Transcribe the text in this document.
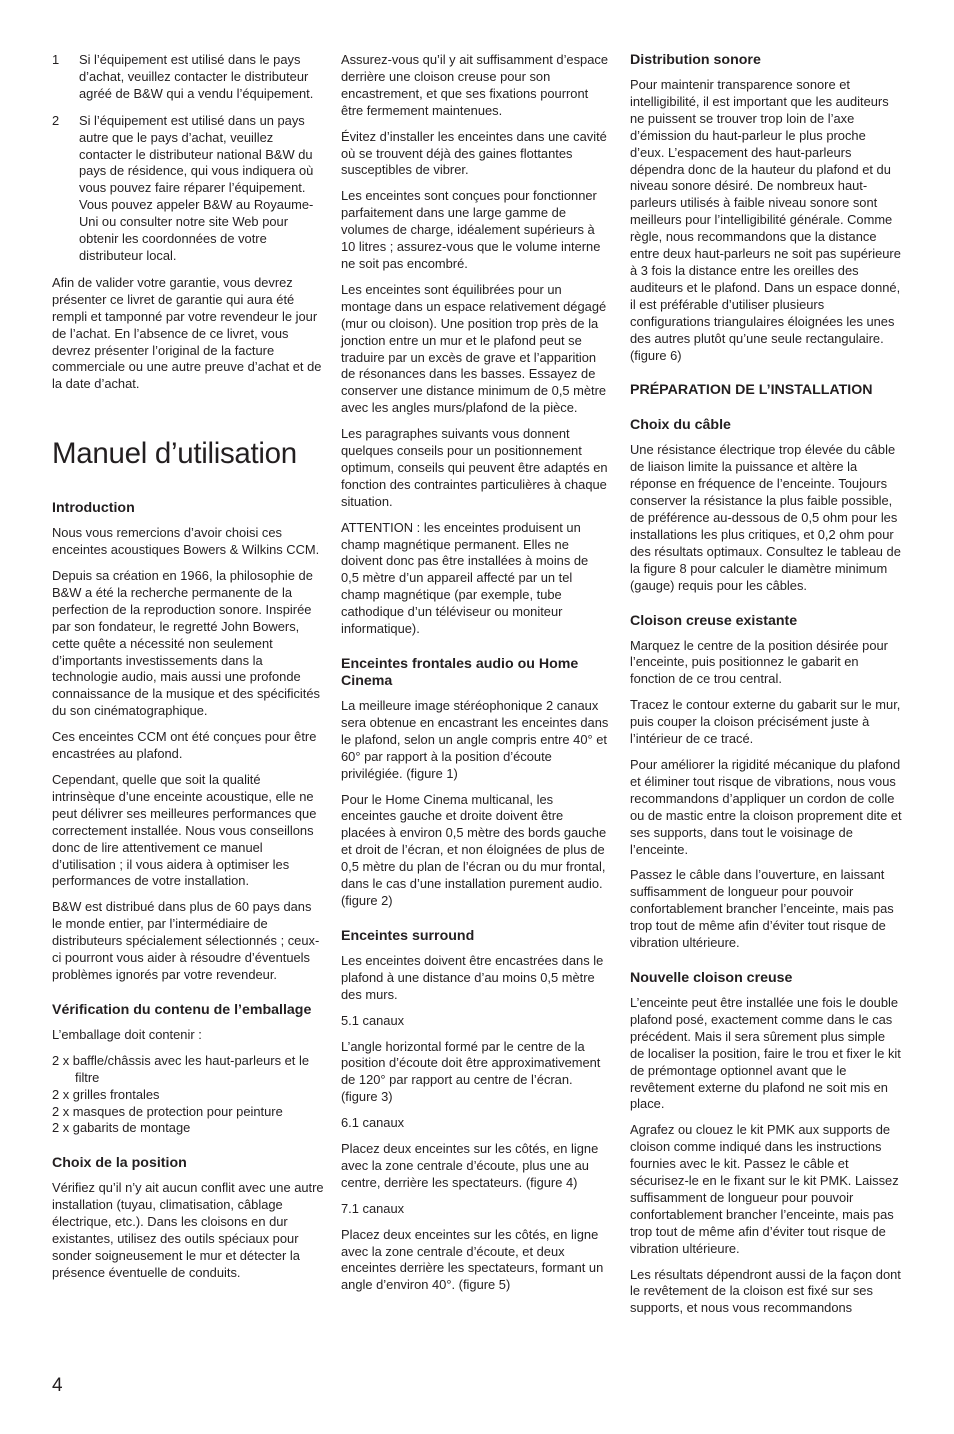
1	Si l’équipement est utilisé dans le pays d’achat, veuillez contacter le distributeur agréé de B&W qui a vendu l’équipement.

2	Si l’équipement est utilisé dans un pays autre que le pays d’achat, veuillez contacter le distributeur national B&W du pays de résidence, qui vous indiquera où vous pouvez faire réparer l’équipement. Vous pouvez appeler B&W au Royaume-Uni ou consulter notre site Web pour obtenir les coordonnées de votre distributeur local.

Afin de valider votre garantie, vous devrez présenter ce livret de garantie qui aura été rempli et tamponné par votre revendeur le jour de l’achat. En l’absence de ce livret, vous devrez présenter l’original de la facture commerciale ou une autre preuve d’achat et de la date d’achat.

Manuel d’utilisation
Introduction

Nous vous remercions d’avoir choisi ces enceintes acoustiques Bowers & Wilkins CCM.

Depuis sa création en 1966, la philosophie de B&W a été la recherche permanente de la perfection de la reproduction sonore. Inspirée par son fondateur, le regretté John Bowers, cette quête a nécessité non seulement d’importants investissements dans la technologie audio, mais aussi une profonde connaissance de la musique et des spécificités du son cinématographique.

Ces enceintes CCM ont été conçues pour être encastrées au plafond.

Cependant, quelle que soit la qualité intrinsèque d’une enceinte acoustique, elle ne peut délivrer ses meilleures performances que correctement installée. Nous vous conseillons donc de lire attentivement ce manuel d’utilisation ; il vous aidera à optimiser les performances de votre installation.

B&W est distribué dans plus de 60 pays dans le monde entier, par l’intermédiaire de distributeurs spécialement sélectionnés ; ceux-ci pourront vous aider à résoudre d’éventuels problèmes ignorés par votre revendeur.

Vérification du contenu de l’emballage

L’emballage doit contenir :

2 x baffle/châssis avec les haut-parleurs et le filtre

2 x grilles frontales

2 x masques de protection pour peinture

2 x gabarits de montage

Choix de la position

Vérifiez qu’il n’y ait aucun conflit avec une autre installation (tuyau, climatisation, câblage électrique, etc.). Dans les cloisons en dur existantes, utilisez des outils spéciaux pour sonder soigneusement le mur et détecter la présence éventuelle de conduits.

Assurez-vous qu’il y ait suffisamment d’espace derrière une cloison creuse pour son encastrement, et que ses fixations pourront être fermement maintenues.

Évitez d’installer les enceintes dans une cavité où se trouvent déjà des gaines flottantes susceptibles de vibrer.

Les enceintes sont conçues pour fonctionner parfaitement dans une large gamme de volumes de charge, idéalement supérieurs à 10 litres ; assurez-vous que le volume interne ne soit pas encombré.

Les enceintes sont équilibrées pour un montage dans un espace relativement dégagé (mur ou cloison). Une position trop près de la jonction entre un mur et le plafond peut se traduire par un excès de grave et l’apparition de résonances dans les basses. Essayez de conserver une distance minimum de 0,5 mètre avec les angles murs/plafond de la pièce.

Les paragraphes suivants vous donnent quelques conseils pour un positionnement optimum, conseils qui peuvent être adaptés en fonction des contraintes particulières à chaque situation.

ATTENTION : les enceintes produisent un champ magnétique permanent. Elles ne doivent donc pas être installées à moins de 0,5 mètre d’un appareil affecté par un tel champ magnétique (par exemple, tube cathodique d’un téléviseur ou moniteur informatique).

Enceintes frontales audio ou Home Cinema

La meilleure image stéréophonique 2 canaux sera obtenue en encastrant les enceintes dans le plafond, selon un angle compris entre 40° et 60° par rapport à la position d’écoute privilégiée. (figure 1)

Pour le Home Cinema multicanal, les enceintes gauche et droite doivent être placées à environ 0,5 mètre des bords gauche et droit de l’écran, et non éloignées de plus de 0,5 mètre du plan de l’écran ou du mur frontal, dans le cas d’une installation purement audio. (figure 2)

Enceintes surround

Les enceintes doivent être encastrées dans le plafond à une distance d’au moins 0,5 mètre des murs.

5.1 canaux

L’angle horizontal formé par le centre de la position d’écoute doit être approximativement de 120° par rapport au centre de l’écran. (figure 3)

6.1 canaux

Placez deux enceintes sur les côtés, en ligne avec la zone centrale d’écoute, plus une au centre, derrière les spectateurs. (figure 4)

7.1 canaux

Placez deux enceintes sur les côtés, en ligne avec la zone centrale d’écoute, et deux enceintes derrière les spectateurs, formant un angle d’environ 40°. (figure 5)

Distribution sonore

Pour maintenir transparence sonore et intelligibilité, il est important que les auditeurs ne puissent se trouver trop loin de l’axe d’émission du haut-parleur le plus proche d’eux. L’espacement des haut-parleurs dépendra donc de la hauteur du plafond et du niveau sonore désiré. De nombreux haut-parleurs utilisés à faible niveau sonore sont meilleurs pour l’intelligibilité générale. Comme règle, nous recommandons que la distance entre deux haut-parleurs ne soit pas supérieure à 3 fois la distance entre les oreilles des auditeurs et le plafond. Dans un espace donné, il est préférable d’utiliser plusieurs configurations triangulaires éloignées les unes des autres plutôt qu’une seule rectangulaire. (figure 6)

PRÉPARATION DE L’INSTALLATION
Choix du câble

Une résistance électrique trop élevée du câble de liaison limite la puissance et altère la réponse en fréquence de l’enceinte. Toujours conserver la résistance la plus faible possible, de préférence au-dessous de 0,5 ohm pour les installations les plus critiques, et 0,2 ohm pour des résultats optimaux. Consultez le tableau de la figure 8 pour calculer le diamètre minimum (gauge) requis pour les câbles.

Cloison creuse existante

Marquez le centre de la position désirée pour l’enceinte, puis positionnez le gabarit en fonction de ce trou central.

Tracez le contour externe du gabarit sur le mur, puis couper la cloison précisément juste à l’intérieur de ce tracé.

Pour améliorer la rigidité mécanique du plafond et éliminer tout risque de vibrations, nous vous recommandons d’appliquer un cordon de colle ou de mastic entre la cloison proprement dite et ses supports, dans tout le voisinage de l’enceinte.

Passez le câble dans l’ouverture, en laissant suffisamment de longueur pour pouvoir confortablement brancher l’enceinte, mais pas trop tout de même afin d’éviter tout risque de vibration ultérieure.

Nouvelle cloison creuse

L’enceinte peut être installée une fois le double plafond posé, exactement comme dans le cas précédent. Mais il sera sûrement plus simple de localiser la position, faire le trou et fixer le kit de prémontage optionnel avant que le revêtement externe du plafond ne soit mis en place.

Agrafez ou clouez le kit PMK aux supports de cloison comme indiqué dans les instructions fournies avec le kit. Passez le câble et sécurisez-le en le fixant sur le kit PMK. Laissez suffisamment de longueur pour pouvoir confortablement brancher l’enceinte, mais pas trop tout de même afin d’éviter tout risque de vibration ultérieure.

Les résultats dépendront aussi de la façon dont le revêtement de la cloison est fixé sur ses supports, et nous vous recommandons

4
